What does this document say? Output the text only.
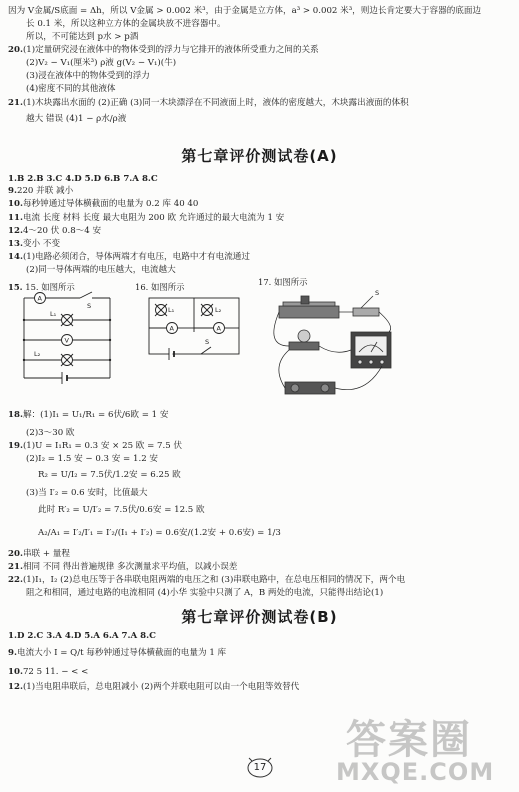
因为 V金属/S底面 = Δh，所以 V金属 > 0.002 米³，由于金属是立方体，a³ > 0.002 米³，则边长肯定要大于容器的底面边
长 0.1 米，所以这种立方体的金属块放不进容器中。
所以，不可能达到 p水 > p酒
20.(1)定量研究浸在液体中的物体受到的浮力与它排开的液体所受重力之间的关系
(2)V₂ − V₁(厘米³) ρ液 g(V₂ − V₁)(牛)
(3)浸在液体中的物体受到的浮力
(4)密度不同的其他液体
21.(1)木块露出水面的 (2)正确 (3)同一木块漂浮在不同液面上时，液体的密度越大，木块露出液面的体积
越大 错误 (4)1 − ρ水/ρ液
第七章评价测试卷(A)
1.B 2.B 3.C 4.D 5.D 6.B 7.A 8.C
9.220 并联 减小
10.每秒钟通过导体横截面的电量为 0.2 库 40 40
11.电流 长度 材料 长度 最大电阻为 200 欧 允许通过的最大电流为 1 安
12.4～20 伏 0.8～4 安
13.变小 不变
14.(1)电路必须闭合，导体两端才有电压，电路中才有电流通过
(2)同一导体两端的电压越大，电流越大
15. 15. 如图所示	16. 如图所示	17. 如图所示
A
S
L₁
V
L₂
L₁	L₂
A	A
S
S
18.解：(1)I₁ = U₁/R₁ = 6伏/6欧 = 1 安
(2)3～30 欧
19.(1)U = I₁R₁ = 0.3 安 × 25 欧 = 7.5 伏
(2)I₂ = 1.5 安 − 0.3 安 = 1.2 安
R₂ = U/I₂ = 7.5伏/1.2安 = 6.25 欧
(3)当 I′₂ = 0.6 安时，比值最大
此时 R′₂ = U/I′₂ = 7.5伏/0.6安 = 12.5 欧
A₂/A₁ = I′₂/I′₁ = I′₂/(I₁ + I′₂) = 0.6安/(1.2安 + 0.6安) = 1/3
20.串联 + 量程
21.相同 不同 得出普遍规律 多次测量求平均值，以减小误差
22.(1)I₁，I₂ (2)总电压等于各串联电阻两端的电压之和 (3)串联电路中，在总电压相同的情况下，两个电
阻之和相同，通过电路的电流相同 (4)小华 实验中只测了 A，B 两处的电流，只能得出结论(1)
第七章评价测试卷(B)
1.D 2.C 3.A 4.D 5.A 6.A 7.A 8.C
9.电流大小 I = Q/t 每秒钟通过导体横截面的电量为 1 库
10.72 5 11. − < <
12.(1)当电阻串联后，总电阻减小 (2)两个并联电阻可以由一个电阻等效替代
17
答案圈
MXQE.COM
